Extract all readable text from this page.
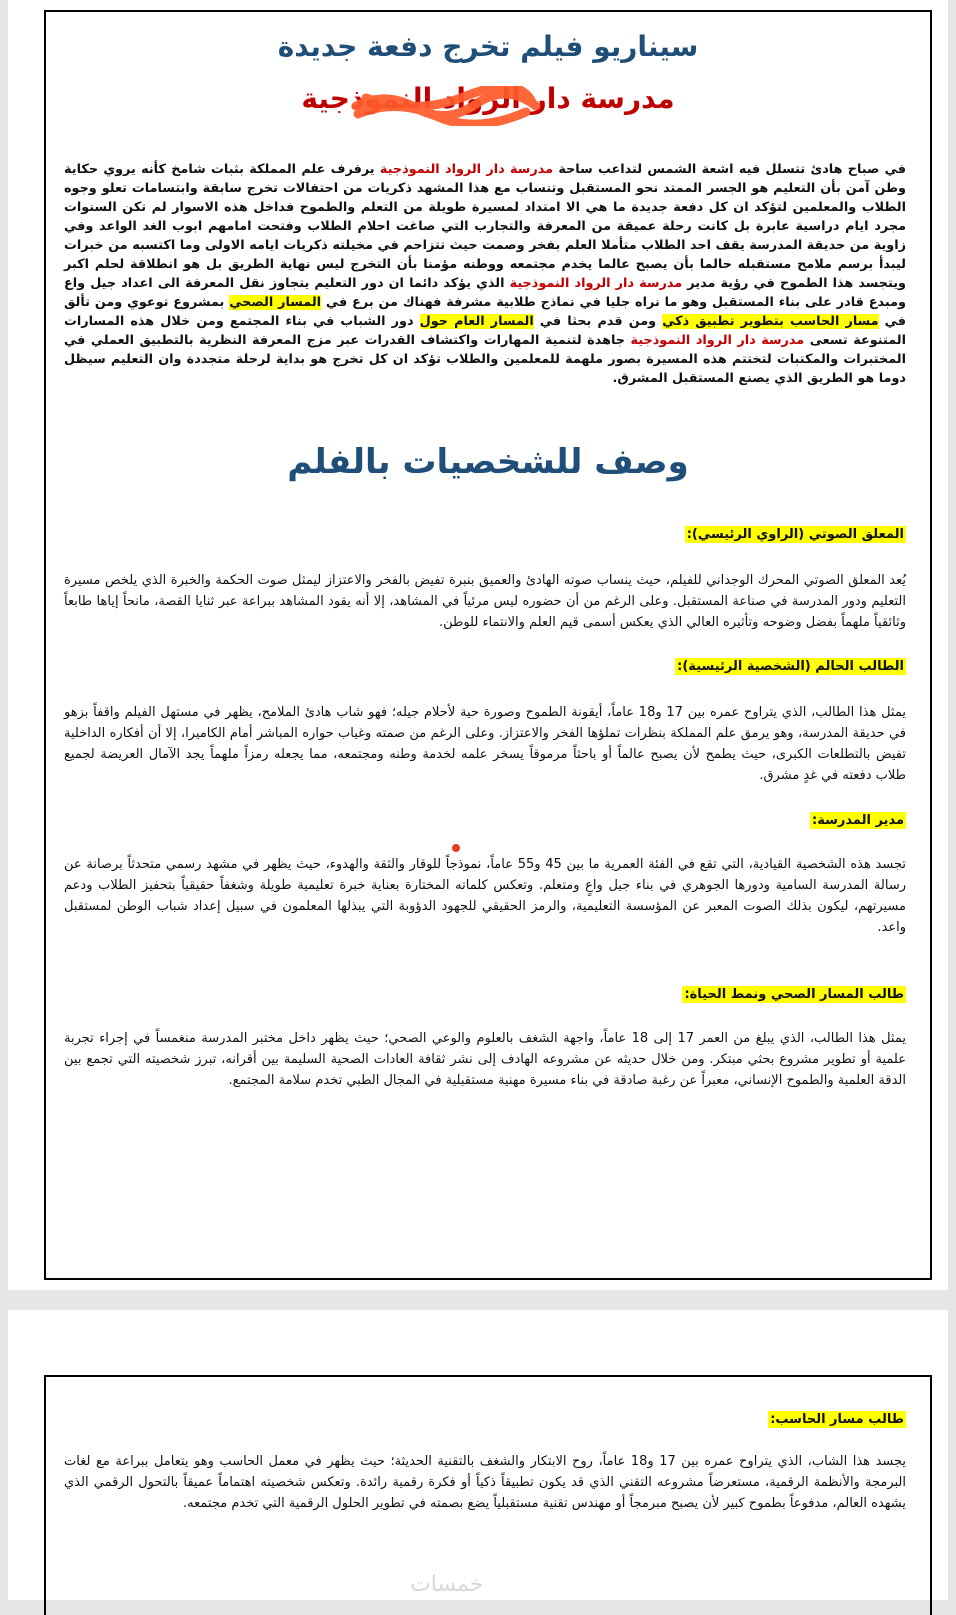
سيناريو فيلم تخرج دفعة جديدة
مدرسة دار الرواد النموذجية
في صباح هادئ تتسلل فيه اشعة الشمس لتداعب ساحة مدرسة دار الرواد النموذجية يرفرف علم المملكة بثبات شامخ كأنه يروي حكاية وطن آمن بأن التعليم هو الجسر الممتد نحو المستقبل وتنساب مع هذا المشهد ذكريات من احتفالات تخرج سابقة وابتسامات تعلو وجوه الطلاب والمعلمين لتؤكد ان كل دفعة جديدة ما هي الا امتداد لمسيرة طويلة من التعلم والطموح فداخل هذه الاسوار لم تكن السنوات مجرد ايام دراسية عابرة بل كانت رحلة عميقة من المعرفة والتجارب التي صاغت احلام الطلاب وفتحت امامهم ابوب الغد الواعد وفي زاوية من حديقة المدرسة يقف احد الطلاب متأملا العلم بفخر وصمت حيث تتزاحم في مخيلته ذكريات ايامه الاولى وما اكتسبه من خبرات ليبدأ برسم ملامح مستقبله حالما بأن يصبح عالما يخدم مجتمعه ووطنه مؤمنا بأن التخرج ليس نهاية الطريق بل هو انطلاقة لحلم اكبر ويتجسد هذا الطموح في رؤية مدير مدرسة دار الرواد النموذجية الذي يؤكد دائما ان دور التعليم يتجاوز نقل المعرفة الى اعداد جيل واع ومبدع قادر على بناء المستقبل وهو ما نراه جليا في نماذج طلابية مشرفة فهناك من برع في المسار الصحي بمشروع توعوي ومن تألق في مسار الحاسب بتطوير تطبيق ذكي ومن قدم بحثا في المسار العام حول دور الشباب في بناء المجتمع ومن خلال هذه المسارات المتنوعة تسعى مدرسة دار الرواد النموذجية جاهدة لتنمية المهارات واكتشاف القدرات عبر مزج المعرفة النظرية بالتطبيق العملي في المختبرات والمكتبات لتختتم هذه المسيرة بصور ملهمة للمعلمين والطلاب تؤكد ان كل تخرج هو بداية لرحلة متجددة وان التعليم سيظل دوما هو الطريق الذي يصنع المستقبل المشرق.
وصف للشخصيات بالفلم
المعلق الصوتي (الراوي الرئيسي):
يُعد المعلق الصوتي المحرك الوجداني للفيلم، حيث ينساب صوته الهادئ والعميق بنبرة تفيض بالفخر والاعتزاز ليمثل صوت الحكمة والخبرة الذي يلخص مسيرة التعليم ودور المدرسة في صناعة المستقبل. وعلى الرغم من أن حضوره ليس مرئياً في المشاهد، إلا أنه يقود المشاهد ببراعة عبر ثنايا القصة، مانحاً إياها طابعاً وثائقياً ملهماً بفضل وضوحه وتأثيره العالي الذي يعكس أسمى قيم العلم والانتماء للوطن.
الطالب الحالم (الشخصية الرئيسية):
يمثل هذا الطالب، الذي يتراوح عمره بين 17 و18 عاماً، أيقونة الطموح وصورة حية لأحلام جيله؛ فهو شاب هادئ الملامح، يظهر في مستهل الفيلم واقفاً بزهو في حديقة المدرسة، وهو يرمق علم المملكة بنظرات تملؤها الفخر والاعتزاز. وعلى الرغم من صمته وغياب حواره المباشر أمام الكاميرا، إلا أن أفكاره الداخلية تفيض بالتطلعات الكبرى، حيث يطمح لأن يصبح عالماً أو باحثاً مرموقاً يسخر علمه لخدمة وطنه ومجتمعه، مما يجعله رمزاً ملهماً يجد الآمال العريضة لجميع طلاب دفعته في غدٍ مشرق.
مدير المدرسة:
تجسد هذه الشخصية القيادية، التي تقع في الفئة العمرية ما بين 45 و55 عاماً، نموذجاً للوقار والثقة والهدوء، حيث يظهر في مشهد رسمي متحدثاً برصانة عن رسالة المدرسة السامية ودورها الجوهري في بناء جيل واعٍ ومتعلم. وتعكس كلماته المختارة بعناية خبرة تعليمية طويلة وشغفاً حقيقياً بتحفيز الطلاب ودعم مسيرتهم، ليكون بذلك الصوت المعبر عن المؤسسة التعليمية، والرمز الحقيقي للجهود الدؤوبة التي يبذلها المعلمون في سبيل إعداد شباب الوطن لمستقبل واعد.
طالب المسار الصحي ونمط الحياة:
يمثل هذا الطالب، الذي يبلغ من العمر 17 إلى 18 عاماً، واجهة الشغف بالعلوم والوعي الصحي؛ حيث يظهر داخل مختبر المدرسة منغمساً في إجراء تجربة علمية أو تطوير مشروع بحثي مبتكر. ومن خلال حديثه عن مشروعه الهادف إلى نشر ثقافة العادات الصحية السليمة بين أقرانه، تبرز شخصيته التي تجمع بين الدقة العلمية والطموح الإنساني، معبراً عن رغبة صادقة في بناء مسيرة مهنية مستقبلية في المجال الطبي تخدم سلامة المجتمع.
طالب مسار الحاسب:
يجسد هذا الشاب، الذي يتراوح عمره بين 17 و18 عاماً، روح الابتكار والشغف بالتقنية الحديثة؛ حيث يظهر في معمل الحاسب وهو يتعامل ببراعة مع لغات البرمجة والأنظمة الرقمية، مستعرضاً مشروعه التقني الذي قد يكون تطبيقاً ذكياً أو فكرة رقمية رائدة. وتعكس شخصيته اهتماماً عميقاً بالتحول الرقمي الذي يشهده العالم، مدفوعاً بطموح كبير لأن يصبح مبرمجاً أو مهندس تقنية مستقبلياً يضع بصمته في تطوير الحلول الرقمية التي تخدم مجتمعه.
خمسات
